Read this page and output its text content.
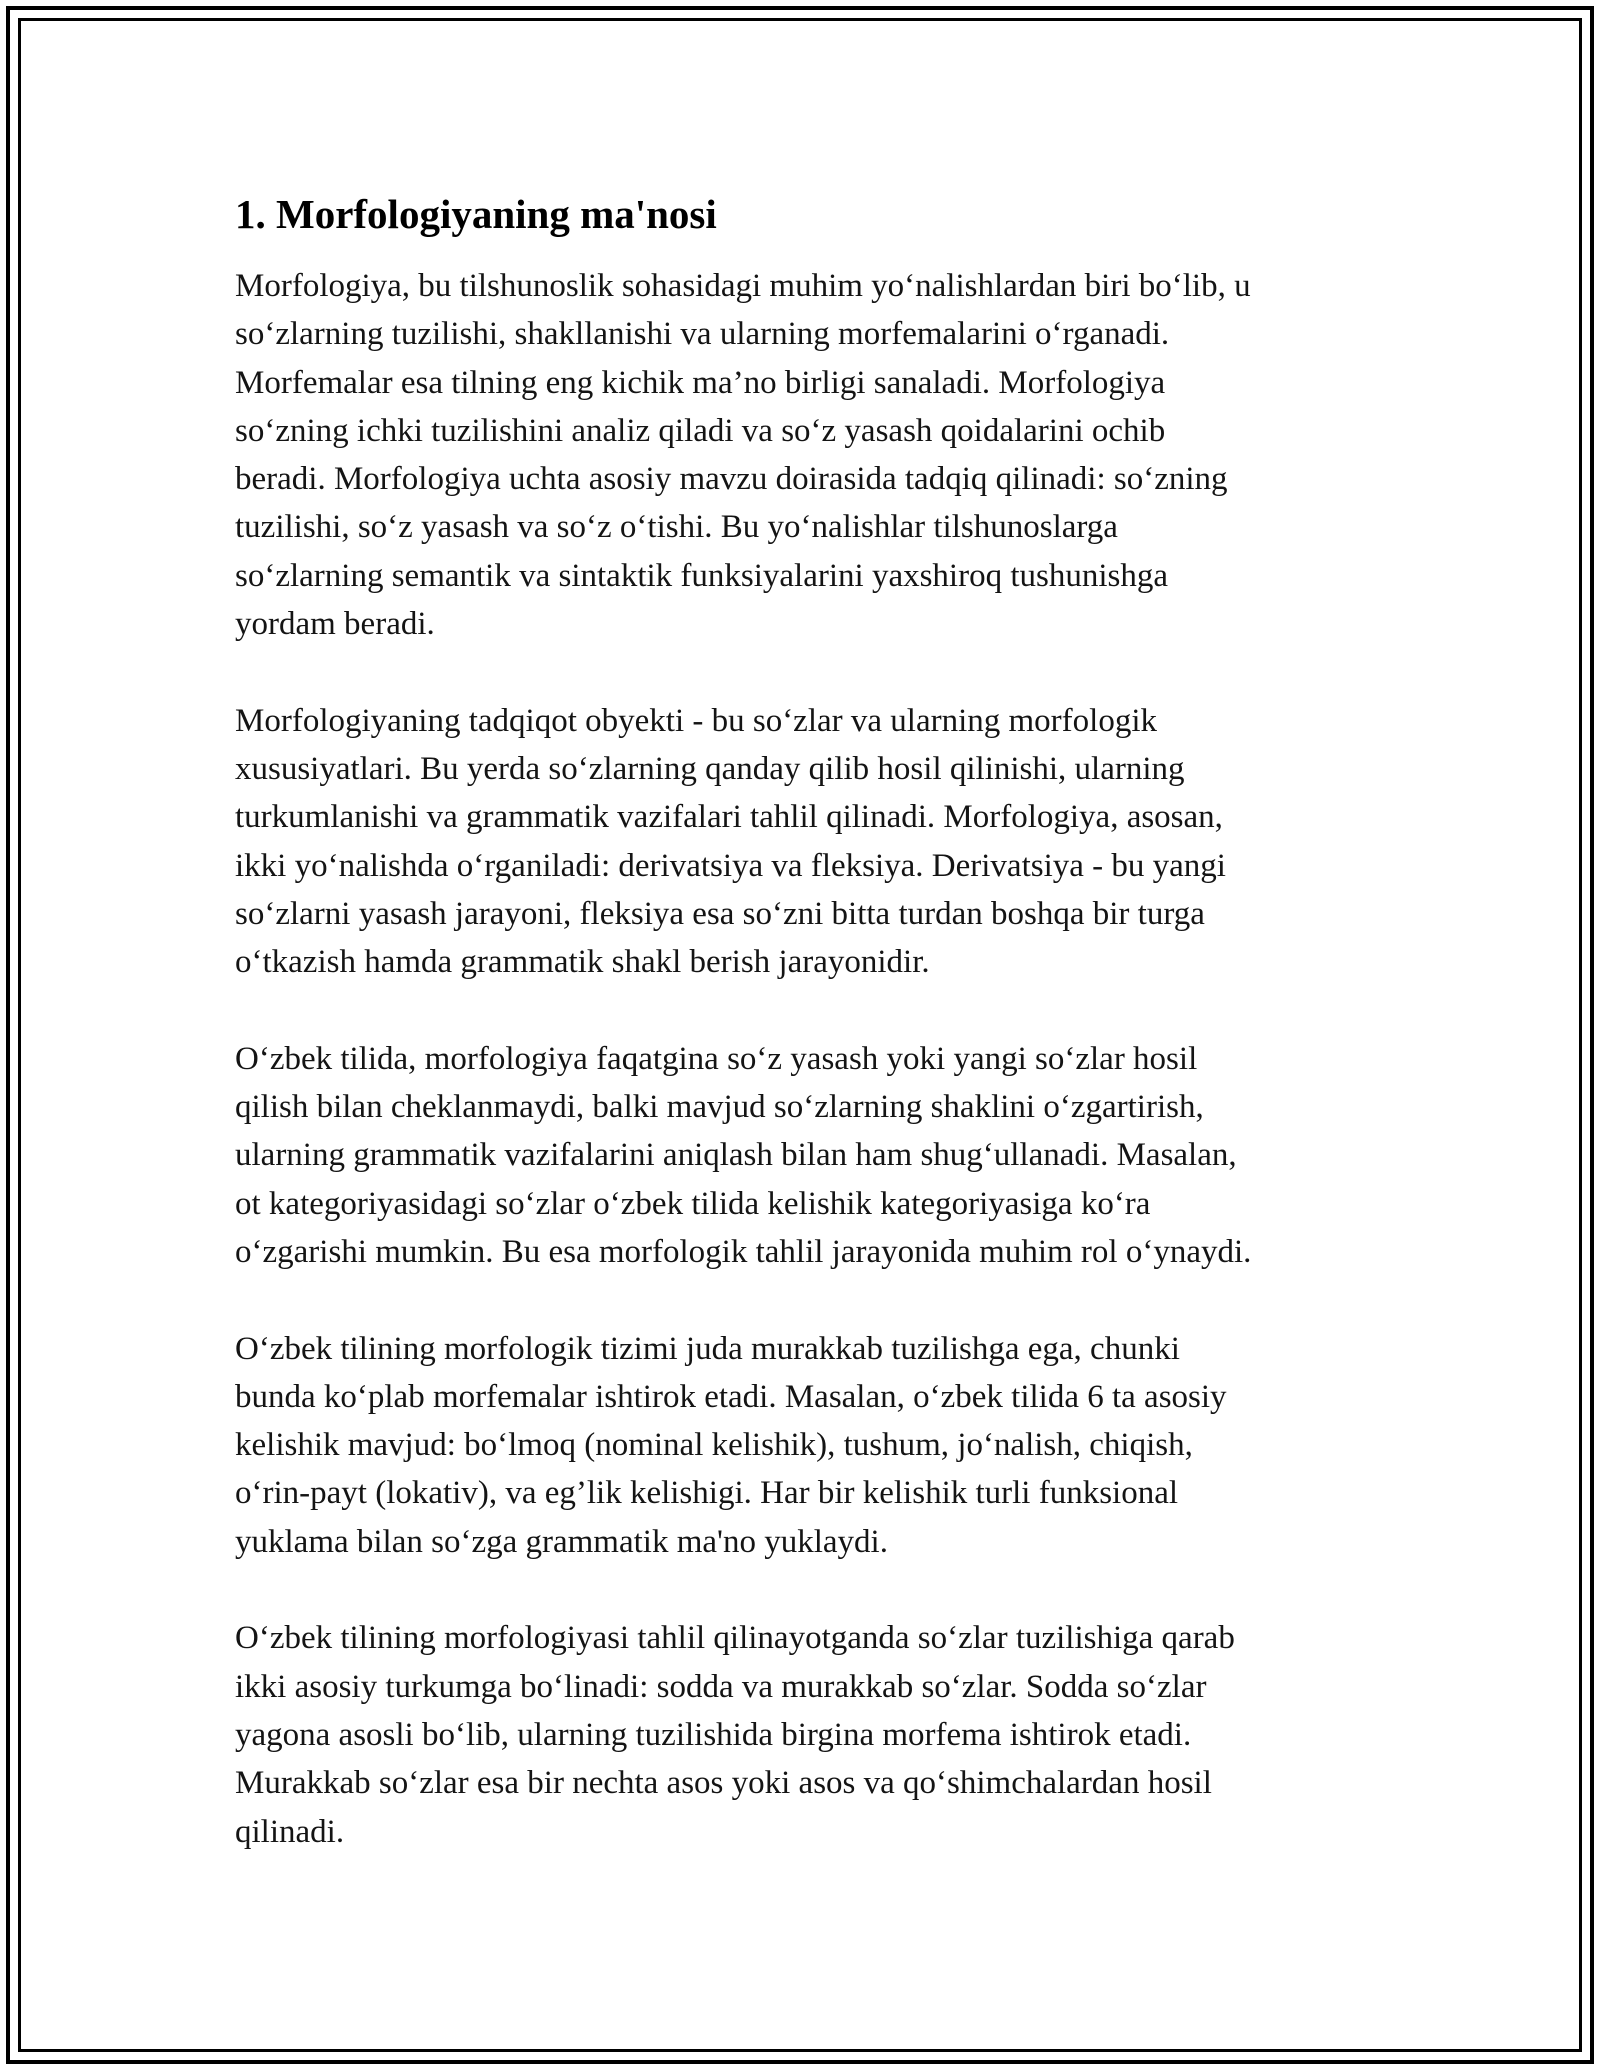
1. Morfologiyaning ma'nosi

Morfologiya, bu tilshunoslik sohasidagi muhim yo‘nalishlardan biri bo‘lib, u
so‘zlarning tuzilishi, shakllanishi va ularning morfemalarini o‘rganadi.
Morfemalar esa tilning eng kichik ma’no birligi sanaladi. Morfologiya
so‘zning ichki tuzilishini analiz qiladi va so‘z yasash qoidalarini ochib
beradi. Morfologiya uchta asosiy mavzu doirasida tadqiq qilinadi: so‘zning
tuzilishi, so‘z yasash va so‘z o‘tishi. Bu yo‘nalishlar tilshunoslarga
so‘zlarning semantik va sintaktik funksiyalarini yaxshiroq tushunishga
yordam beradi.

Morfologiyaning tadqiqot obyekti - bu so‘zlar va ularning morfologik
xususiyatlari. Bu yerda so‘zlarning qanday qilib hosil qilinishi, ularning
turkumlanishi va grammatik vazifalari tahlil qilinadi. Morfologiya, asosan,
ikki yo‘nalishda o‘rganiladi: derivatsiya va fleksiya. Derivatsiya - bu yangi
so‘zlarni yasash jarayoni, fleksiya esa so‘zni bitta turdan boshqa bir turga
o‘tkazish hamda grammatik shakl berish jarayonidir.

O‘zbek tilida, morfologiya faqatgina so‘z yasash yoki yangi so‘zlar hosil
qilish bilan cheklanmaydi, balki mavjud so‘zlarning shaklini o‘zgartirish,
ularning grammatik vazifalarini aniqlash bilan ham shug‘ullanadi. Masalan,
ot kategoriyasidagi so‘zlar o‘zbek tilida kelishik kategoriyasiga ko‘ra
o‘zgarishi mumkin. Bu esa morfologik tahlil jarayonida muhim rol o‘ynaydi.

O‘zbek tilining morfologik tizimi juda murakkab tuzilishga ega, chunki
bunda ko‘plab morfemalar ishtirok etadi. Masalan, o‘zbek tilida 6 ta asosiy
kelishik mavjud: bo‘lmoq (nominal kelishik), tushum, jo‘nalish, chiqish,
o‘rin-payt (lokativ), va eg’lik kelishigi. Har bir kelishik turli funksional
yuklama bilan so‘zga grammatik ma'no yuklaydi.

O‘zbek tilining morfologiyasi tahlil qilinayotganda so‘zlar tuzilishiga qarab
ikki asosiy turkumga bo‘linadi: sodda va murakkab so‘zlar. Sodda so‘zlar
yagona asosli bo‘lib, ularning tuzilishida birgina morfema ishtirok etadi.
Murakkab so‘zlar esa bir nechta asos yoki asos va qo‘shimchalardan hosil
qilinadi.
